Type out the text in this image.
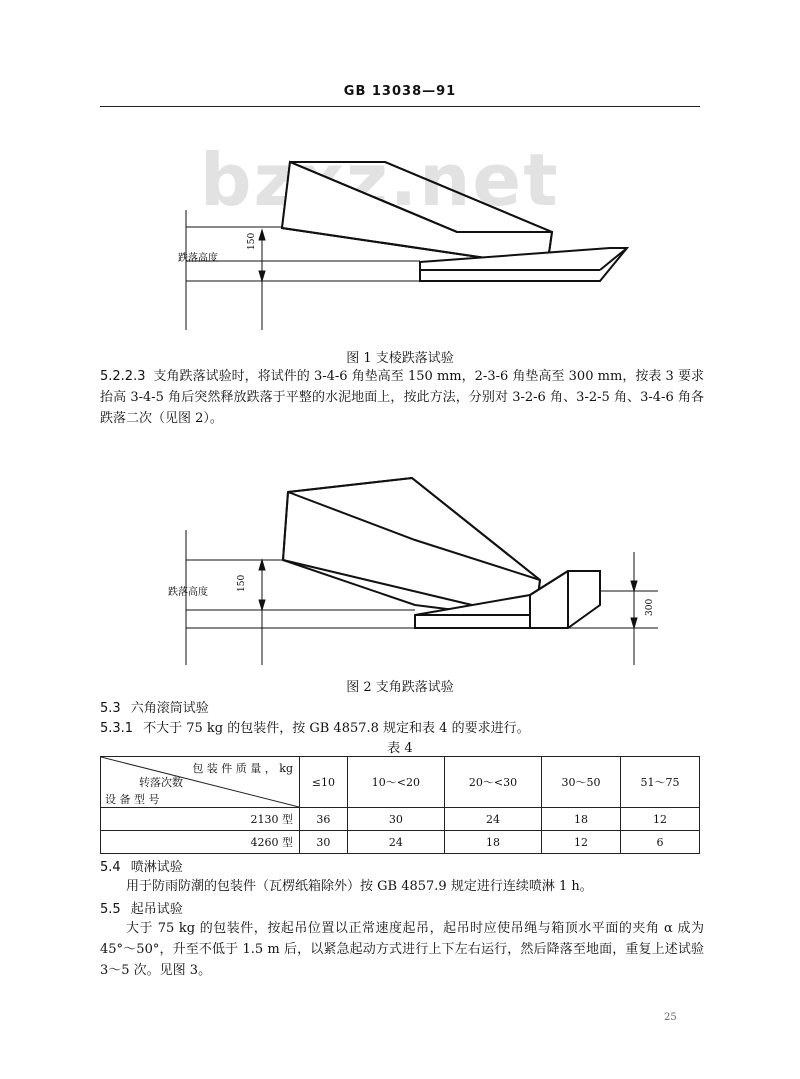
GB 13038—91
bzxz.net
跌落高度
150
图 1 支棱跌落试验
5.2.2.3 支角跌落试验时，将试件的 3-4-6 角垫高至 150 mm，2-3-6 角垫高至 300 mm，按表 3 要求抬高 3-4-5 角后突然释放跌落于平整的水泥地面上，按此方法，分别对 3-2-6 角、3-2-5 角、3-4-6 角各跌落二次（见图 2）。
跌落高度
150
300
图 2 支角跌落试验
5.3 六角滚筒试验
5.3.1 不大于 75 kg 的包装件，按 GB 4857.8 规定和表 4 的要求进行。
表 4
包 装 件 质 量 ， kg
转落次数
设 备 型 号	≤10	10～<20	20～<30	30～50	51～75
2130 型	36	30	24	18	12
4260 型	30	24	18	12	6
5.4 喷淋试验
用于防雨防潮的包装件（瓦楞纸箱除外）按 GB 4857.9 规定进行连续喷淋 1 h。
5.5 起吊试验
大于 75 kg 的包装件，按起吊位置以正常速度起吊，起吊时应使吊绳与箱顶水平面的夹角 α 成为 45°～50°，升至不低于 1.5 m 后，以紧急起动方式进行上下左右运行，然后降落至地面，重复上述试验 3～5 次。见图 3。
25
